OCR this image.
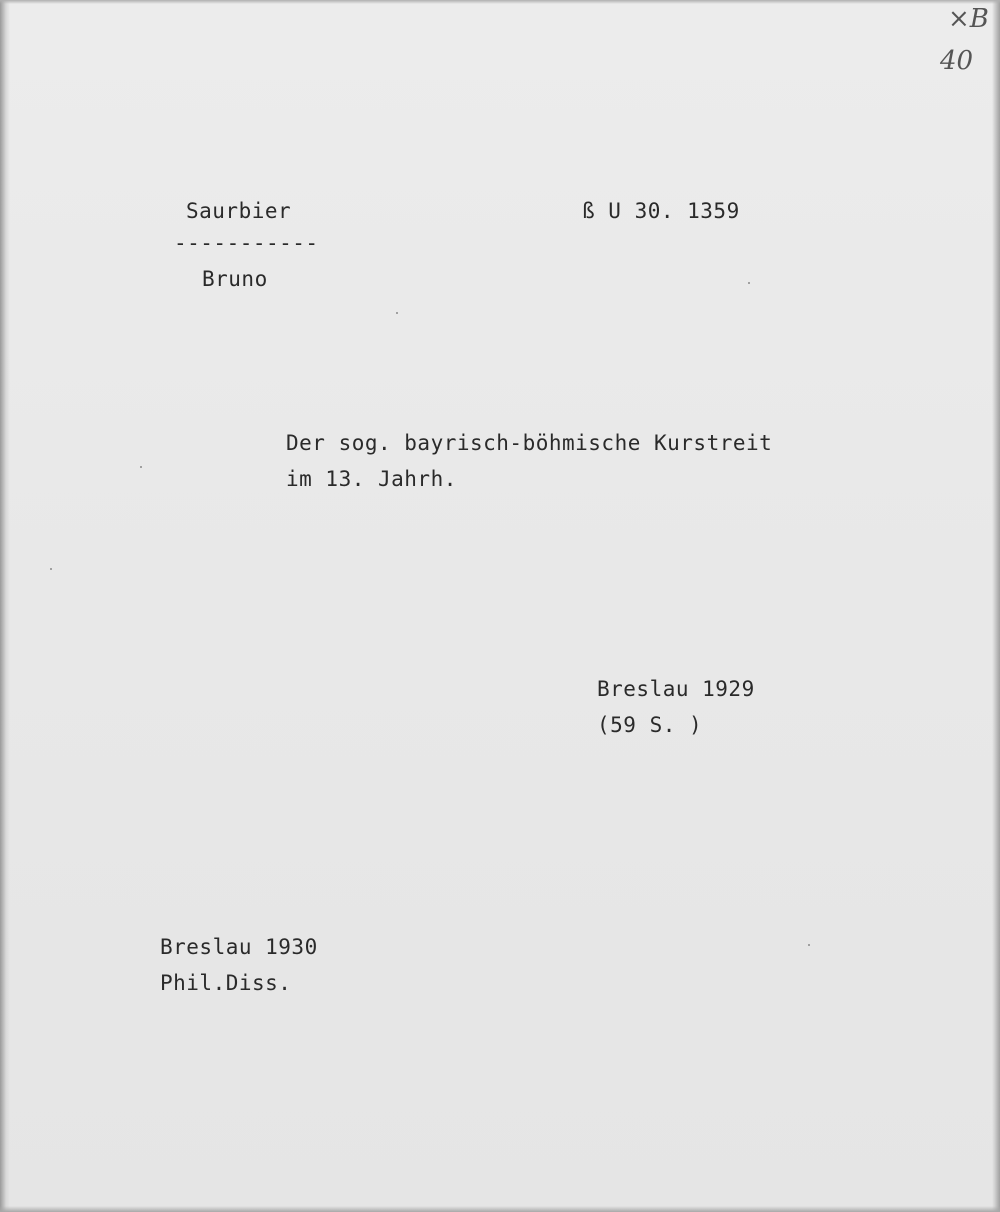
×B
40
Saurbier	ß U 30. 1359
-----------
Bruno
Der sog. bayrisch-böhmische Kurstreit
im 13. Jahrh.
Breslau 1929
(59 S. )
Breslau 1930
Phil.Diss.
